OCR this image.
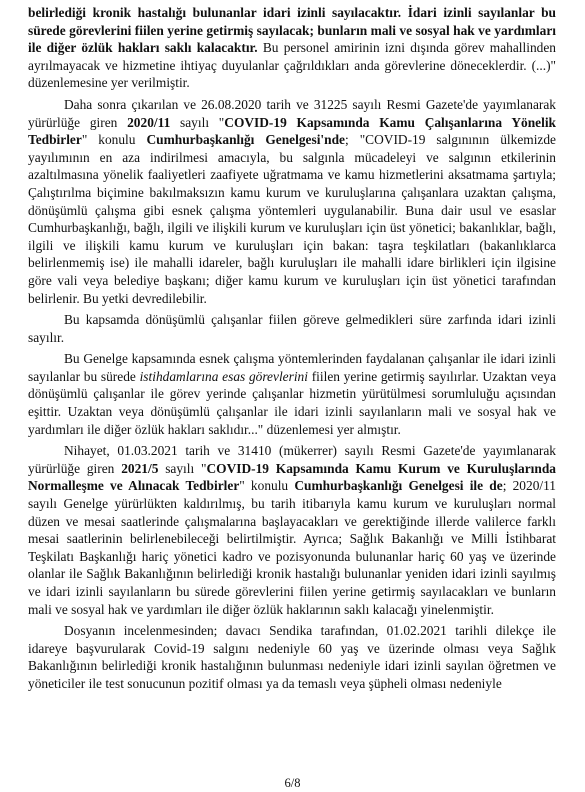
belirlediği kronik hastalığı bulunanlar idari izinli sayılacaktır. İdari izinli sayılanlar bu sürede görevlerini fiilen yerine getirmiş sayılacak; bunların mali ve sosyal hak ve yardımları ile diğer özlük hakları saklı kalacaktır. Bu personel amirinin izni dışında görev mahallinden ayrılmayacak ve hizmetine ihtiyaç duyulanlar çağrıldıkları anda görevlerine döneceklerdir. (...)" düzenlemesine yer verilmiştir.

Daha sonra çıkarılan ve 26.08.2020 tarih ve 31225 sayılı Resmi Gazete'de yayımlanarak yürürlüğe giren 2020/11 sayılı "COVID-19 Kapsamında Kamu Çalışanlarına Yönelik Tedbirler" konulu Cumhurbaşkanlığı Genelgesi'nde; "COVID-19 salgınının ülkemizde yayılımının en aza indirilmesi amacıyla, bu salgınla mücadeleyi ve salgının etkilerinin azaltılmasına yönelik faaliyetleri zaafiyete uğratmama ve kamu hizmetlerini aksatmama şartıyla; Çalıştırılma biçimine bakılmaksızın kamu kurum ve kuruluşlarına çalışanlara uzaktan çalışma, dönüşümlü çalışma gibi esnek çalışma yöntemleri uygulanabilir. Buna dair usul ve esaslar Cumhurbaşkanlığı, bağlı, ilgili ve ilişkili kurum ve kuruluşları için üst yönetici; bakanlıklar, bağlı, ilgili ve ilişkili kamu kurum ve kuruluşları için bakan: taşra teşkilatları (bakanlıklarca belirlenmemiş ise) ile mahalli idareler, bağlı kuruluşları ile mahalli idare birlikleri için ilgisine göre vali veya belediye başkanı; diğer kamu kurum ve kuruluşları için üst yönetici tarafından belirlenir. Bu yetki devredilebilir.

Bu kapsamda dönüşümlü çalışanlar fiilen göreve gelmedikleri süre zarfında idari izinli sayılır.

Bu Genelge kapsamında esnek çalışma yöntemlerinden faydalanan çalışanlar ile idari izinli sayılanlar bu sürede istihdamlarına esas görevlerini fiilen yerine getirmiş sayılırlar. Uzaktan veya dönüşümlü çalışanlar ile görev yerinde çalışanlar hizmetin yürütülmesi sorumluluğu açısından eşittir. Uzaktan veya dönüşümlü çalışanlar ile idari izinli sayılanların mali ve sosyal hak ve yardımları ile diğer özlük hakları saklıdır..." düzenlemesi yer almıştır.

Nihayet, 01.03.2021 tarih ve 31410 (mükerrer) sayılı Resmi Gazete'de yayımlanarak yürürlüğe giren 2021/5 sayılı "COVID-19 Kapsamında Kamu Kurum ve Kuruluşlarında Normalleşme ve Alınacak Tedbirler" konulu Cumhurbaşkanlığı Genelgesi ile de; 2020/11 sayılı Genelge yürürlükten kaldırılmış, bu tarih itibarıyla kamu kurum ve kuruluşları normal düzen ve mesai saatlerinde çalışmalarına başlayacakları ve gerektiğinde illerde valilerce farklı mesai saatlerinin belirlenebileceği belirtilmiştir. Ayrıca; Sağlık Bakanlığı ve Milli İstihbarat Teşkilatı Başkanlığı hariç yönetici kadro ve pozisyonunda bulunanlar hariç 60 yaş ve üzerinde olanlar ile Sağlık Bakanlığının belirlediği kronik hastalığı bulunanlar yeniden idari izinli sayılmış ve idari izinli sayılanların bu sürede görevlerini fiilen yerine getirmiş sayılacakları ve bunların mali ve sosyal hak ve yardımları ile diğer özlük haklarının saklı kalacağı yinelenmiştir.

Dosyanın incelenmesinden; davacı Sendika tarafından, 01.02.2021 tarihli dilekçe ile idareye başvurularak Covid-19 salgını nedeniyle 60 yaş ve üzerinde olması veya Sağlık Bakanlığının belirlediği kronik hastalığının bulunması nedeniyle idari izinli sayılan öğretmen ve yöneticiler ile test sonucunun pozitif olması ya da temaslı veya şüpheli olması nedeniyle

6/8
